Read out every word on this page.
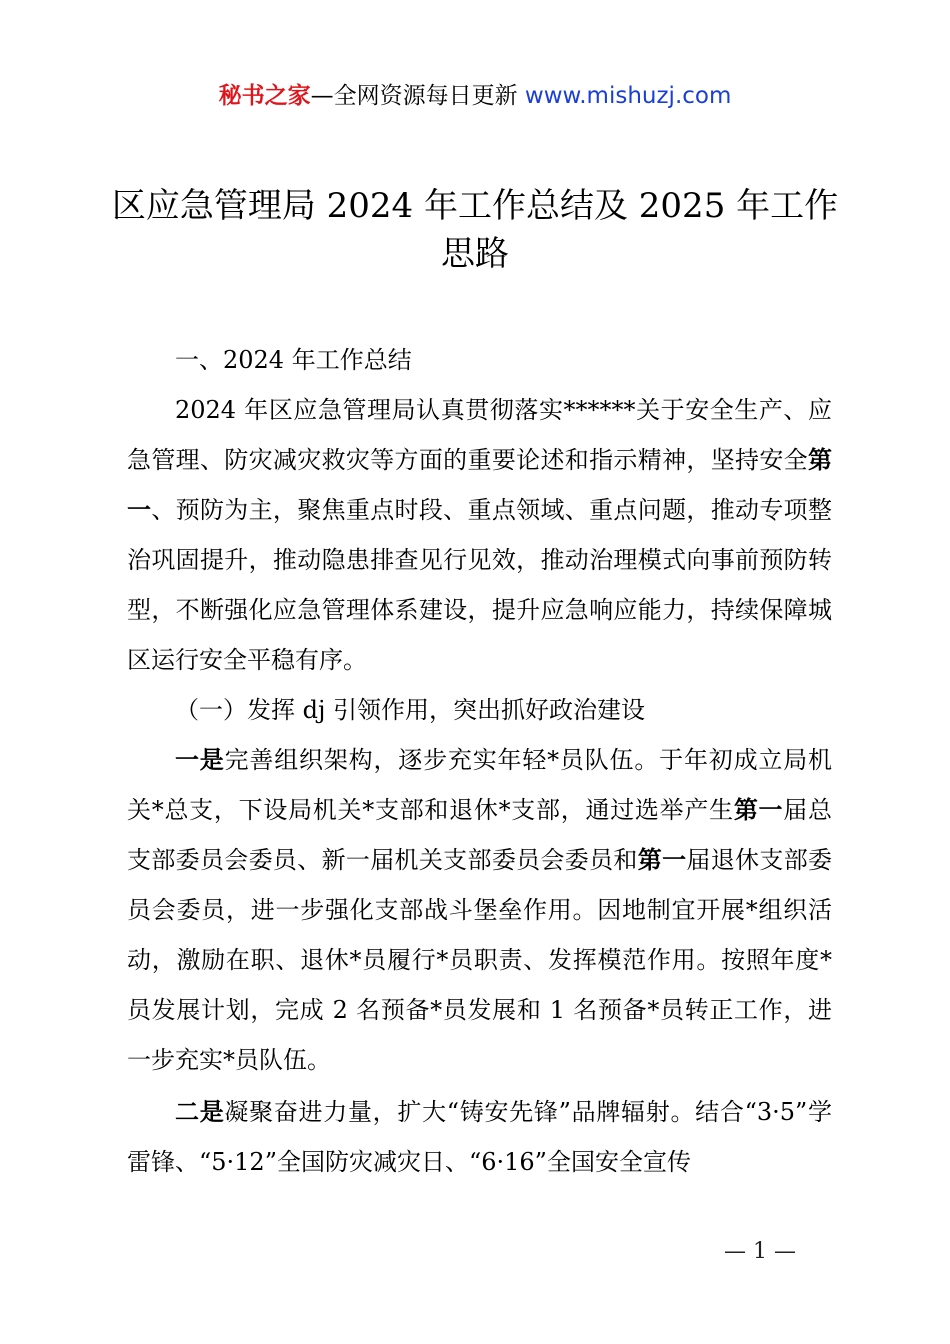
秘书之家—全网资源每日更新 www.mishuzj.com
区应急管理局 2024 年工作总结及 2025 年工作
思路

一、2024 年工作总结

2024 年区应急管理局认真贯彻落实******关于安全生产、应急管理、防灾减灾救灾等方面的重要论述和指示精神，坚持安全第一、预防为主，聚焦重点时段、重点领域、重点问题，推动专项整治巩固提升，推动隐患排查见行见效，推动治理模式向事前预防转型，不断强化应急管理体系建设，提升应急响应能力，持续保障城区运行安全平稳有序。

（一）发挥 dj 引领作用，突出抓好政治建设

一是完善组织架构，逐步充实年轻*员队伍。于年初成立局机关*总支，下设局机关*支部和退休*支部，通过选举产生第一届总支部委员会委员、新一届机关支部委员会委员和第一届退休支部委员会委员，进一步强化支部战斗堡垒作用。因地制宜开展*组织活动，激励在职、退休*员履行*员职责、发挥模范作用。按照年度*员发展计划，完成 2 名预备*员发展和 1 名预备*员转正工作，进一步充实*员队伍。

二是凝聚奋进力量，扩大“铸安先锋”品牌辐射。结合“3·5”学雷锋、“5·12”全国防灾减灾日、“6·16”全国安全宣传

— 1 —
